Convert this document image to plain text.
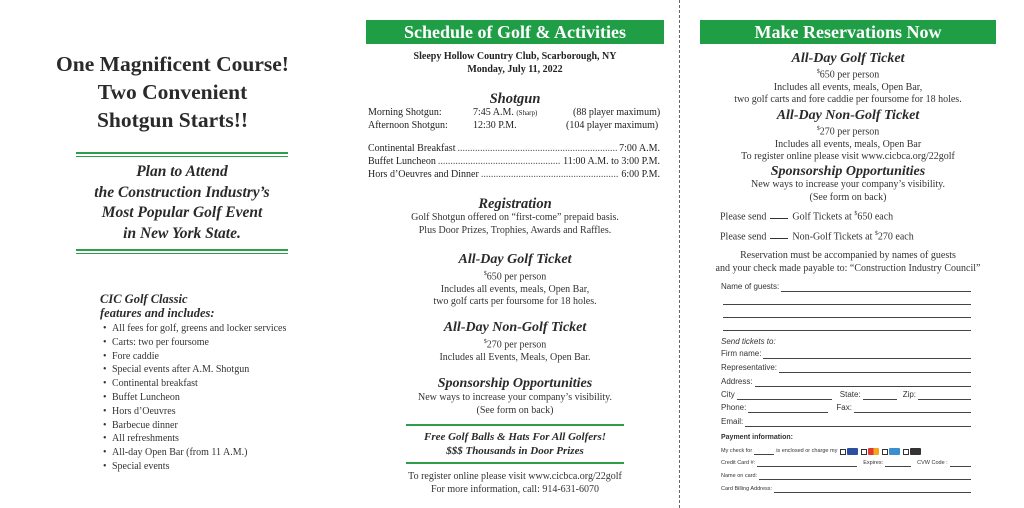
One Magnificent Course!
Two Convenient
Shotgun Starts!!
Plan to Attend
the Construction Industry’s
Most Popular Golf Event
in New York State.
CIC Golf Classic
features and includes:
• All fees for golf, greens and locker services
• Carts: two per foursome
• Fore caddie
• Special events after A.M. Shotgun
• Continental breakfast
• Buffet Luncheon
• Hors d’Oeuvres
• Barbecue dinner
• All refreshments
• All-day Open Bar (from 11 A.M.)
• Special events
Schedule of Golf & Activities
Sleepy Hollow Country Club, Scarborough, NY
Monday, July 11, 2022
Shotgun
Morning Shotgun:	7:45 A.M. (Sharp)	(88 player maximum)
Afternoon Shotgun:	12:30 P.M.	(104 player maximum)
Continental Breakfast .....	7:00 A.M.
Buffet Luncheon .....	11:00 A.M. to 3:00 P.M.
Hors d’Oeuvres and Dinner .....	6:00 P.M.
Registration
Golf Shotgun offered on “first-come” prepaid basis.
Plus Door Prizes, Trophies, Awards and Raffles.
All-Day Golf Ticket
$650 per person
Includes all events, meals, Open Bar,
two golf carts per foursome for 18 holes.
All-Day Non-Golf Ticket
$270 per person
Includes all Events, Meals, Open Bar.
Sponsorship Opportunities
New ways to increase your company’s visibility.
(See form on back)
Free Golf Balls & Hats For All Golfers!
$$$ Thousands in Door Prizes
To register online please visit www.cicbca.org/22golf
For more information, call: 914-631-6070
Make Reservations Now
All-Day Golf Ticket
$650 per person
Includes all events, meals, Open Bar,
two golf carts and fore caddie per foursome for 18 holes.
All-Day Non-Golf Ticket
$270 per person
Includes all events, meals, Open Bar
To register online please visit www.cicbca.org/22golf
Sponsorship Opportunities
New ways to increase your company’s visibility.
(See form on back)
Please send	Golf Tickets at $650 each
Please send	Non-Golf Tickets at $270 each
Reservation must be accompanied by names of guests
and your check made payable to: “Construction Industry Council”
Name of guests:
Send tickets to:
Firm name:
Representative:
Address:
City	State:	Zip:
Phone:	Fax:
Email:
Payment information:
My check for	is enclosed or charge my
Credit Card #:	Expires:	CVW Code :
Name on card:
Card Billing Address:
